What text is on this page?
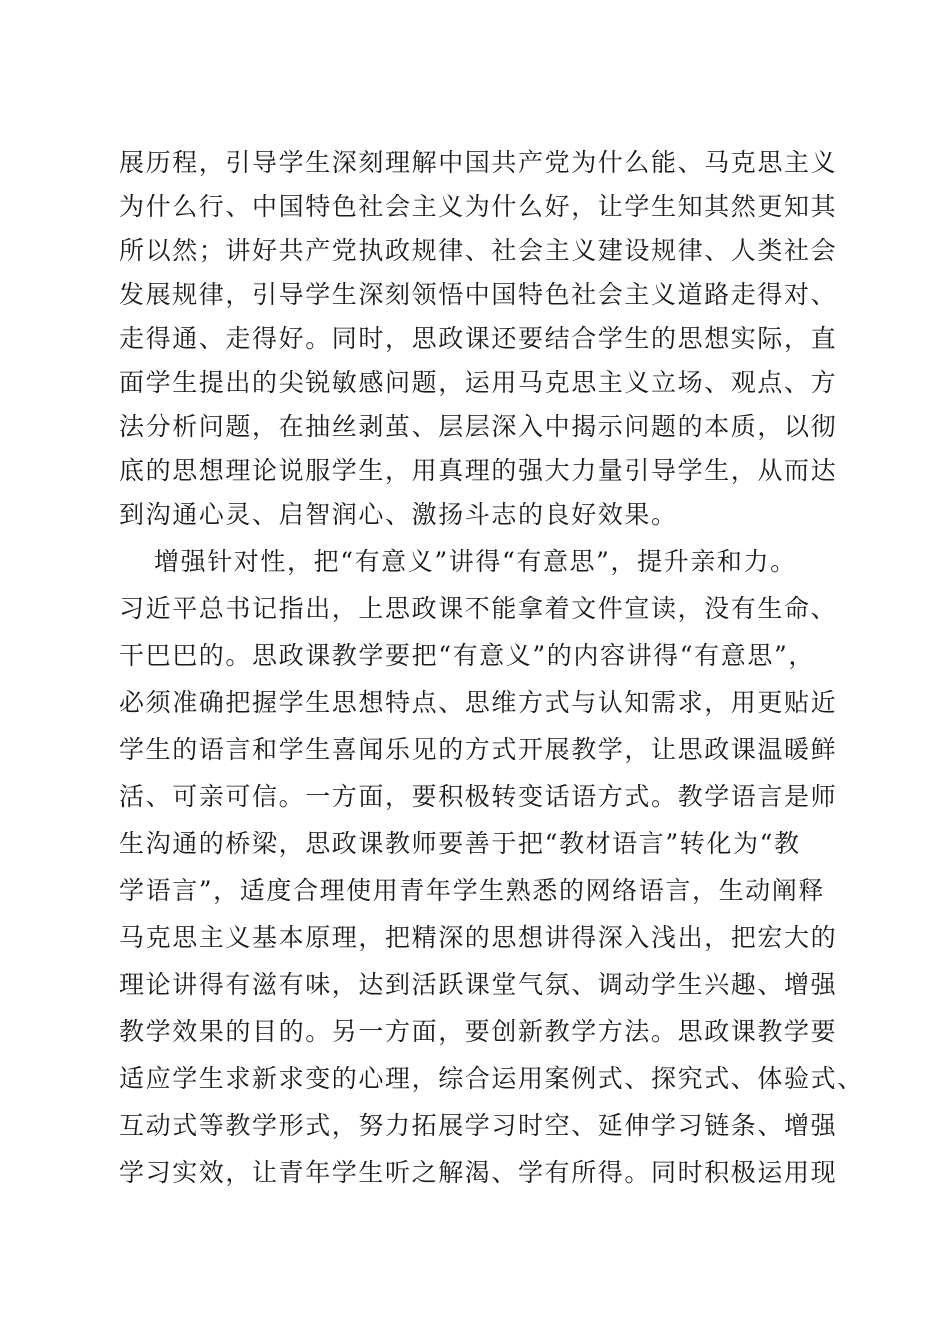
展历程，引导学生深刻理解中国共产党为什么能、马克思主义
为什么行、中国特色社会主义为什么好，让学生知其然更知其
所以然；讲好共产党执政规律、社会主义建设规律、人类社会
发展规律，引导学生深刻领悟中国特色社会主义道路走得对、
走得通、走得好。同时，思政课还要结合学生的思想实际，直
面学生提出的尖锐敏感问题，运用马克思主义立场、观点、方
法分析问题，在抽丝剥茧、层层深入中揭示问题的本质，以彻
底的思想理论说服学生，用真理的强大力量引导学生，从而达
到沟通心灵、启智润心、激扬斗志的良好效果。
增强针对性，把“有意义”讲得“有意思”，提升亲和力。
习近平总书记指出，上思政课不能拿着文件宣读，没有生命、
干巴巴的。思政课教学要把“有意义”的内容讲得“有意思”，
必须准确把握学生思想特点、思维方式与认知需求，用更贴近
学生的语言和学生喜闻乐见的方式开展教学，让思政课温暖鲜
活、可亲可信。一方面，要积极转变话语方式。教学语言是师
生沟通的桥梁，思政课教师要善于把“教材语言”转化为“教
学语言”，适度合理使用青年学生熟悉的网络语言，生动阐释
马克思主义基本原理，把精深的思想讲得深入浅出，把宏大的
理论讲得有滋有味，达到活跃课堂气氛、调动学生兴趣、增强
教学效果的目的。另一方面，要创新教学方法。思政课教学要
适应学生求新求变的心理，综合运用案例式、探究式、体验式、
互动式等教学形式，努力拓展学习时空、延伸学习链条、增强
学习实效，让青年学生听之解渴、学有所得。同时积极运用现
